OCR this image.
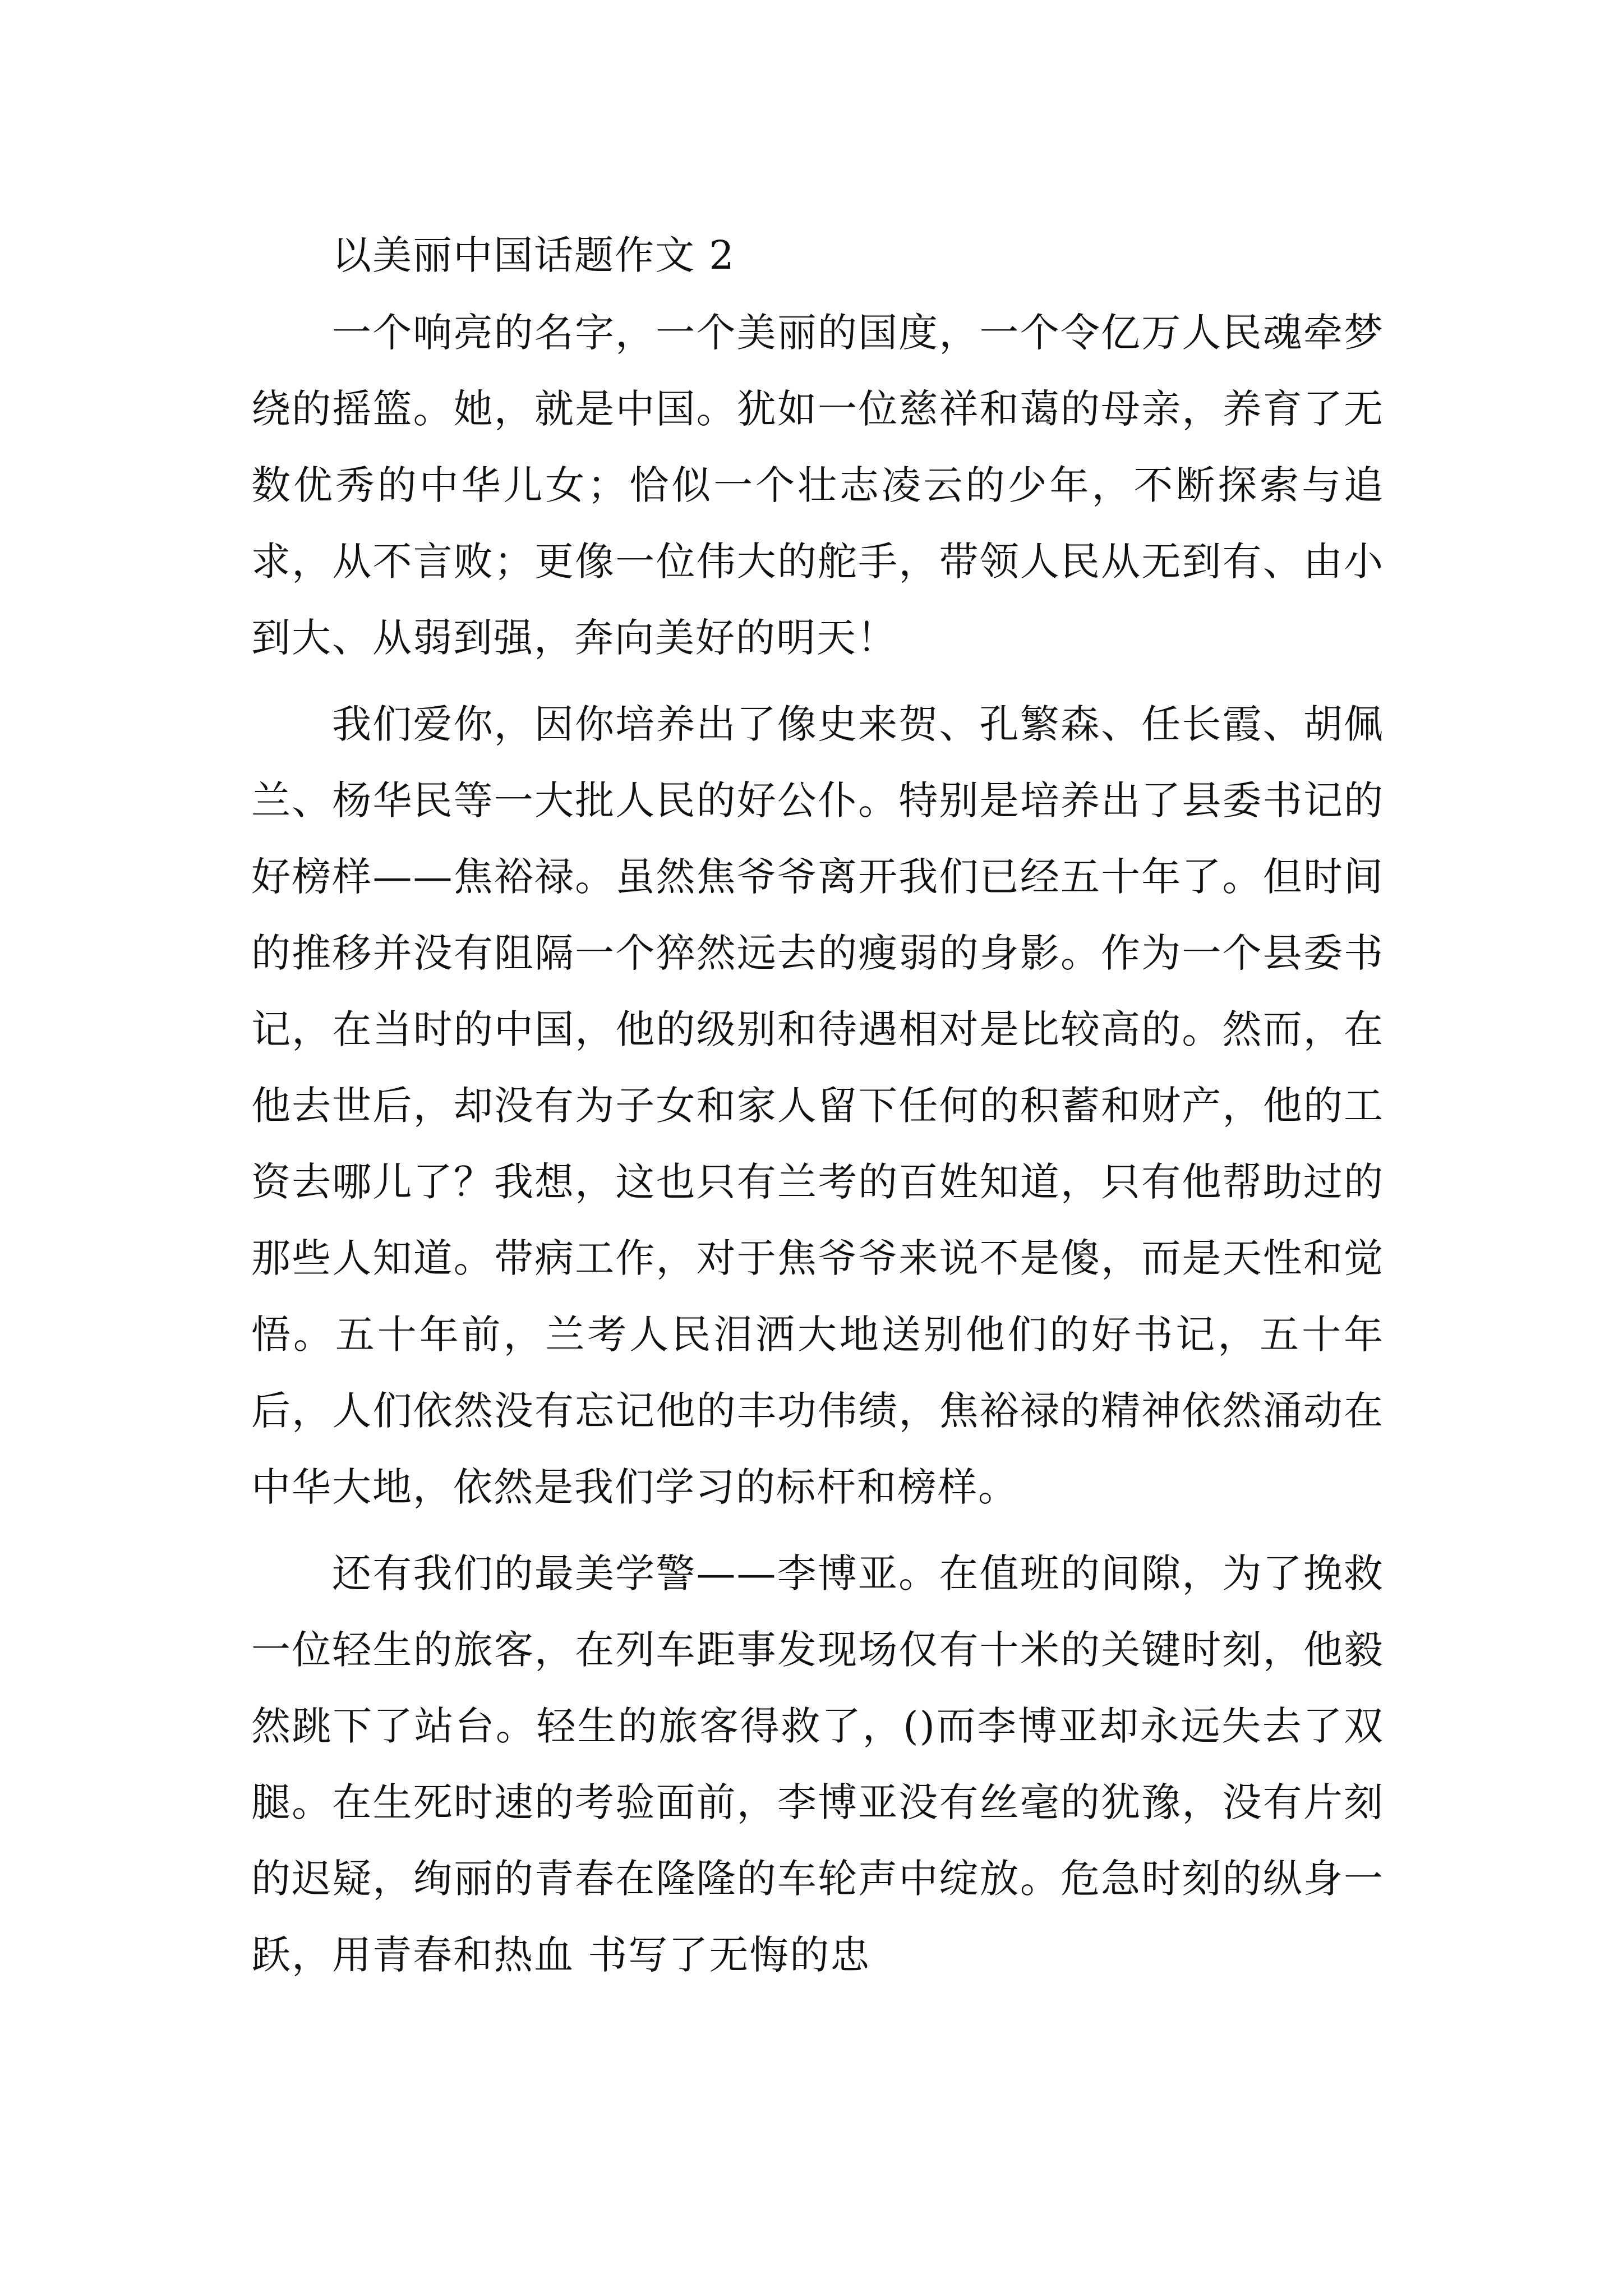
以美丽中国话题作文 2

一个响亮的名字，一个美丽的国度，一个令亿万人民魂牵梦绕的摇篮。她，就是中国。犹如一位慈祥和蔼的母亲，养育了无数优秀的中华儿女；恰似一个壮志凌云的少年，不断探索与追求，从不言败；更像一位伟大的舵手，带领人民从无到有、由小到大、从弱到强，奔向美好的明天！

我们爱你，因你培养出了像史来贺、孔繁森、任长霞、胡佩兰、杨华民等一大批人民的好公仆。特别是培养出了县委书记的好榜样——焦裕禄。虽然焦爷爷离开我们已经五十年了。但时间的推移并没有阻隔一个猝然远去的瘦弱的身影。作为一个县委书记，在当时的中国，他的级别和待遇相对是比较高的。然而，在他去世后，却没有为子女和家人留下任何的积蓄和财产，他的工资去哪儿了？我想，这也只有兰考的百姓知道，只有他帮助过的那些人知道。带病工作，对于焦爷爷来说不是傻，而是天性和觉悟。五十年前，兰考人民泪洒大地送别他们的好书记，五十年后，人们依然没有忘记他的丰功伟绩，焦裕禄的精神依然涌动在中华大地，依然是我们学习的标杆和榜样。

还有我们的最美学警——李博亚。在值班的间隙，为了挽救一位轻生的旅客，在列车距事发现场仅有十米的关键时刻，他毅然跳下了站台。轻生的旅客得救了，()而李博亚却永远失去了双腿。在生死时速的考验面前，李博亚没有丝毫的犹豫，没有片刻的迟疑，绚丽的青春在隆隆的车轮声中绽放。危急时刻的纵身一跃，用青春和热血 书写了无悔的忠
